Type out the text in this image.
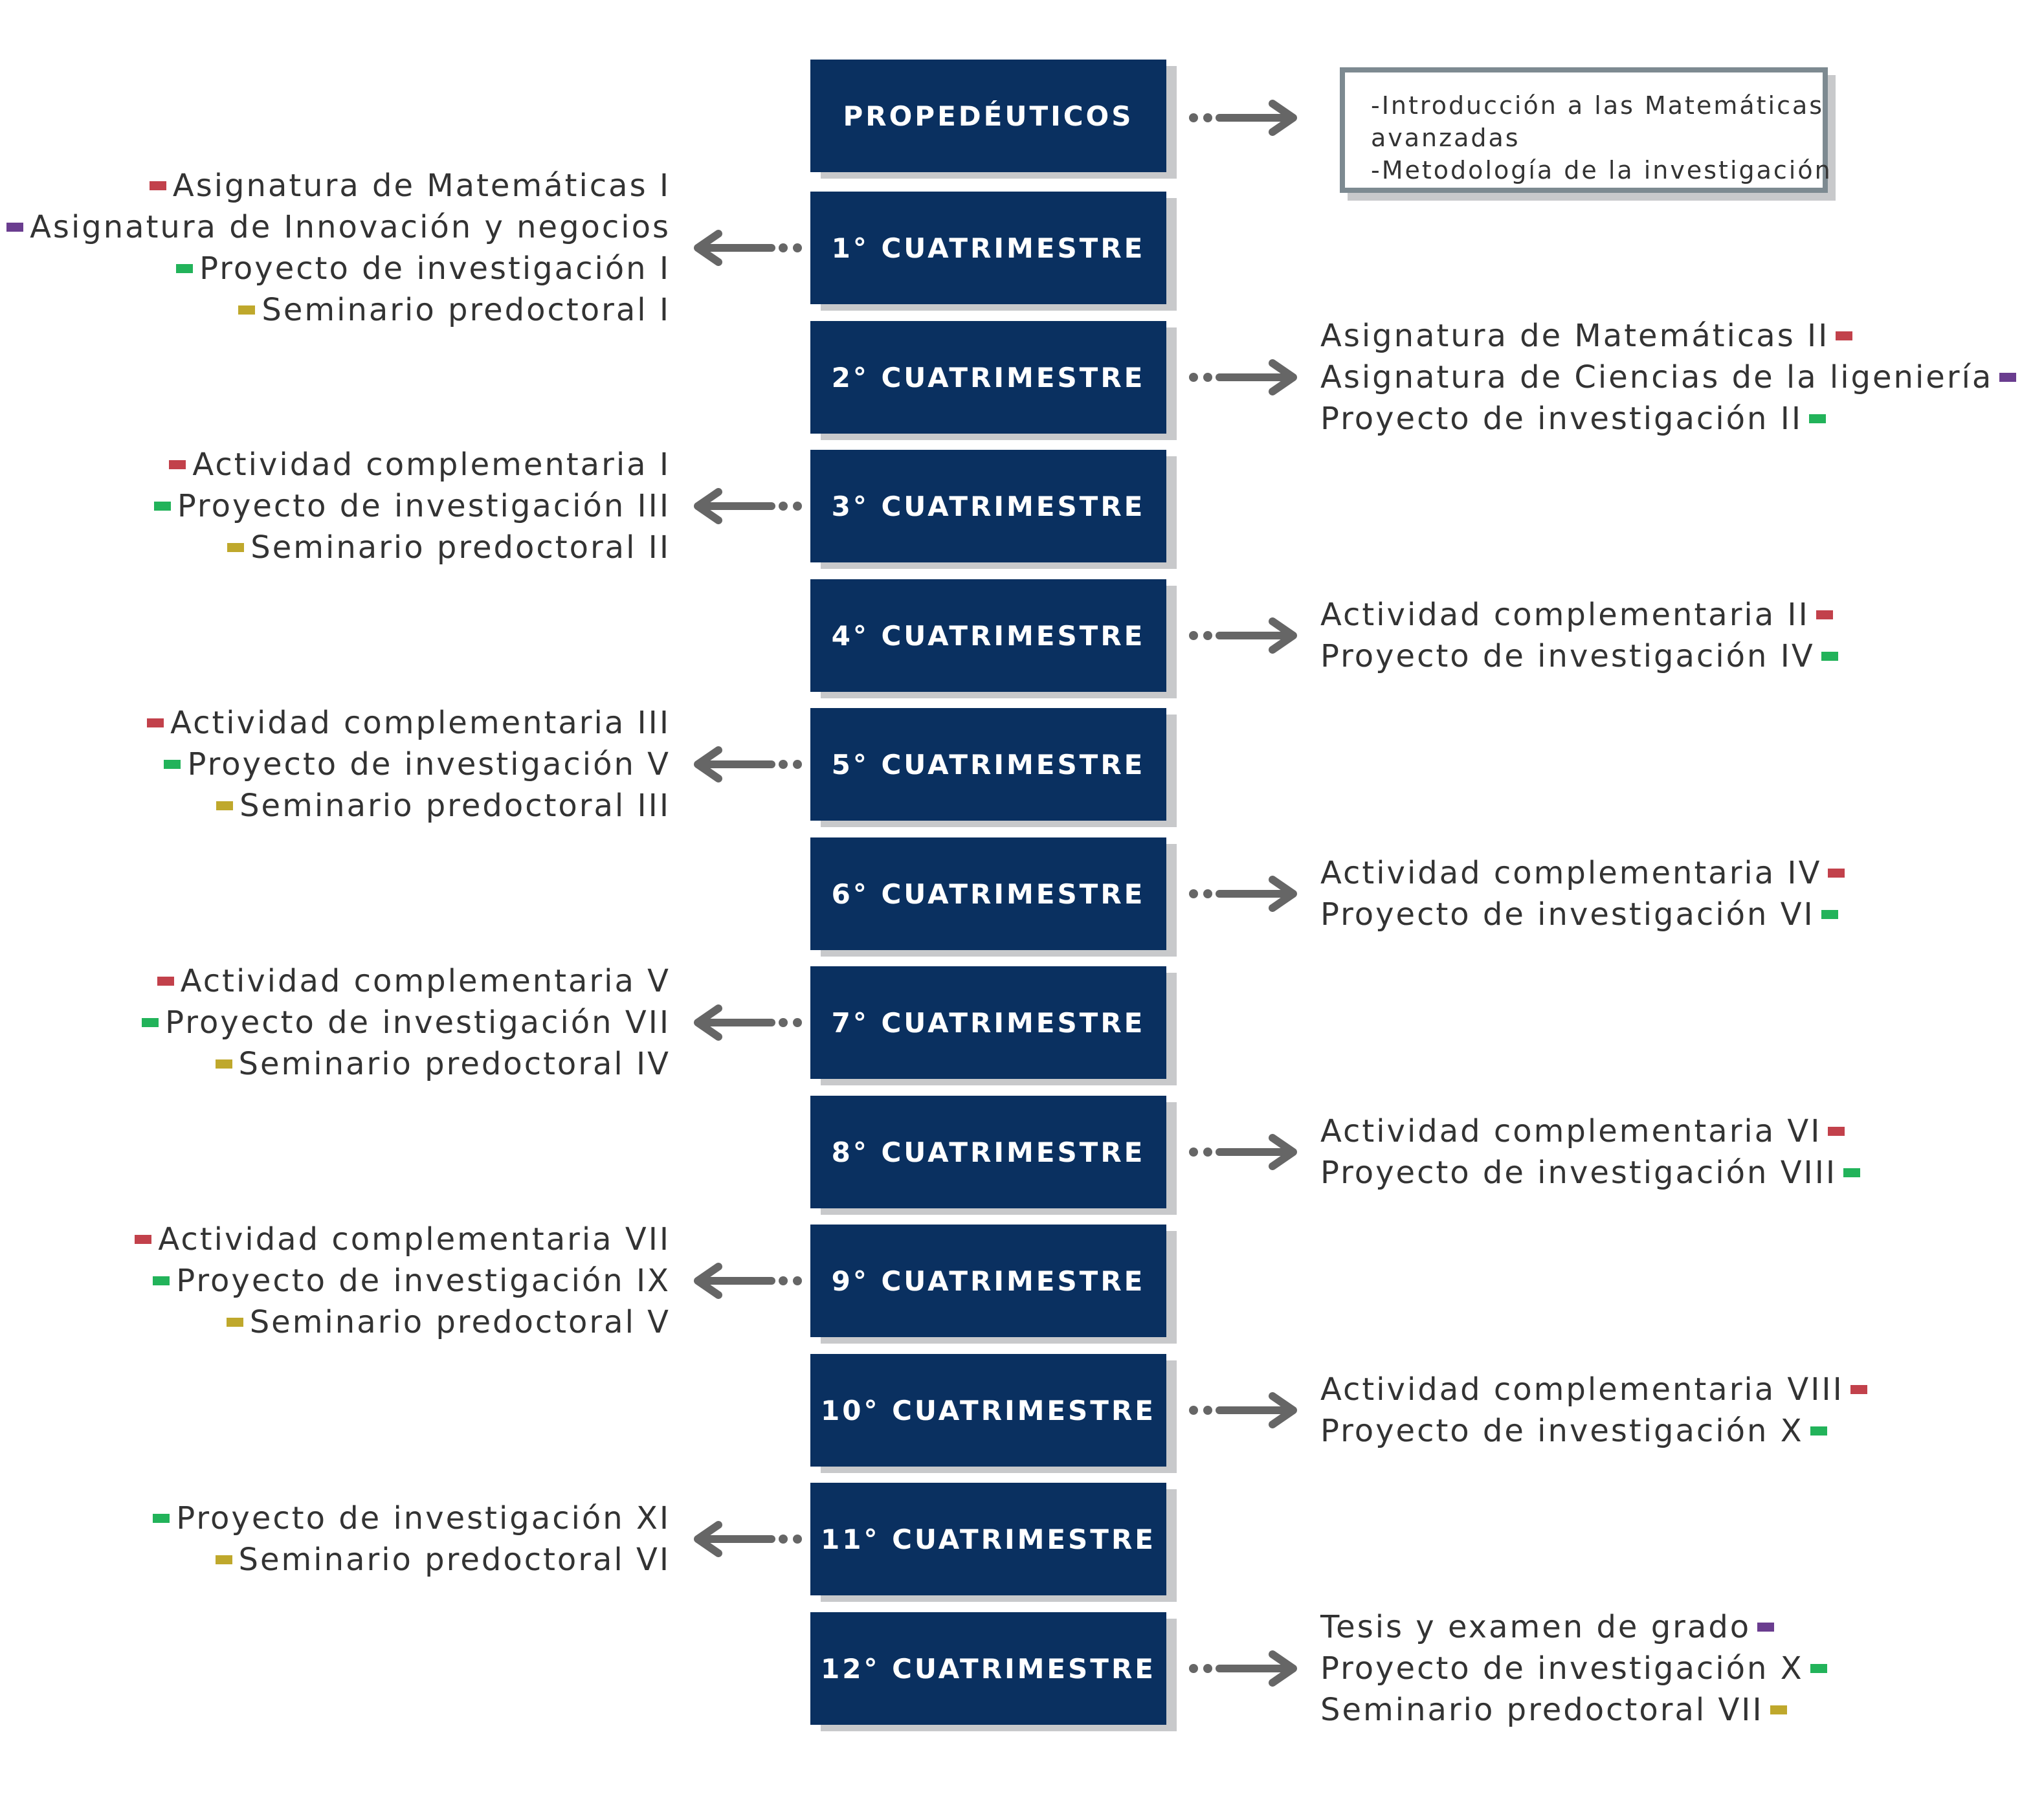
PROPEDÉUTICOS	-Introducción a las Matemáticas
avanzadas
-Metodología de la investigación
1° CUATRIMESTRE
Asignatura de Matemáticas I
Asignatura de Innovación y negocios
Proyecto de investigación I
Seminario predoctoral I
2° CUATRIMESTRE
Asignatura de Matemáticas II
Asignatura de Ciencias de la ligeniería
Proyecto de investigación II
3° CUATRIMESTRE
Actividad complementaria I
Proyecto de investigación III
Seminario predoctoral II
4° CUATRIMESTRE
Actividad complementaria II
Proyecto de investigación IV
5° CUATRIMESTRE
Actividad complementaria III
Proyecto de investigación V
Seminario predoctoral III
6° CUATRIMESTRE
Actividad complementaria IV
Proyecto de investigación VI
7° CUATRIMESTRE
Actividad complementaria V
Proyecto de investigación VII
Seminario predoctoral IV
8° CUATRIMESTRE
Actividad complementaria VI
Proyecto de investigación VIII
9° CUATRIMESTRE
Actividad complementaria VII
Proyecto de investigación IX
Seminario predoctoral V
10° CUATRIMESTRE
Actividad complementaria VIII
Proyecto de investigación X
11° CUATRIMESTRE
Proyecto de investigación XI
Seminario predoctoral VI
12° CUATRIMESTRE
Tesis y examen de grado
Proyecto de investigación X
Seminario predoctoral VII
